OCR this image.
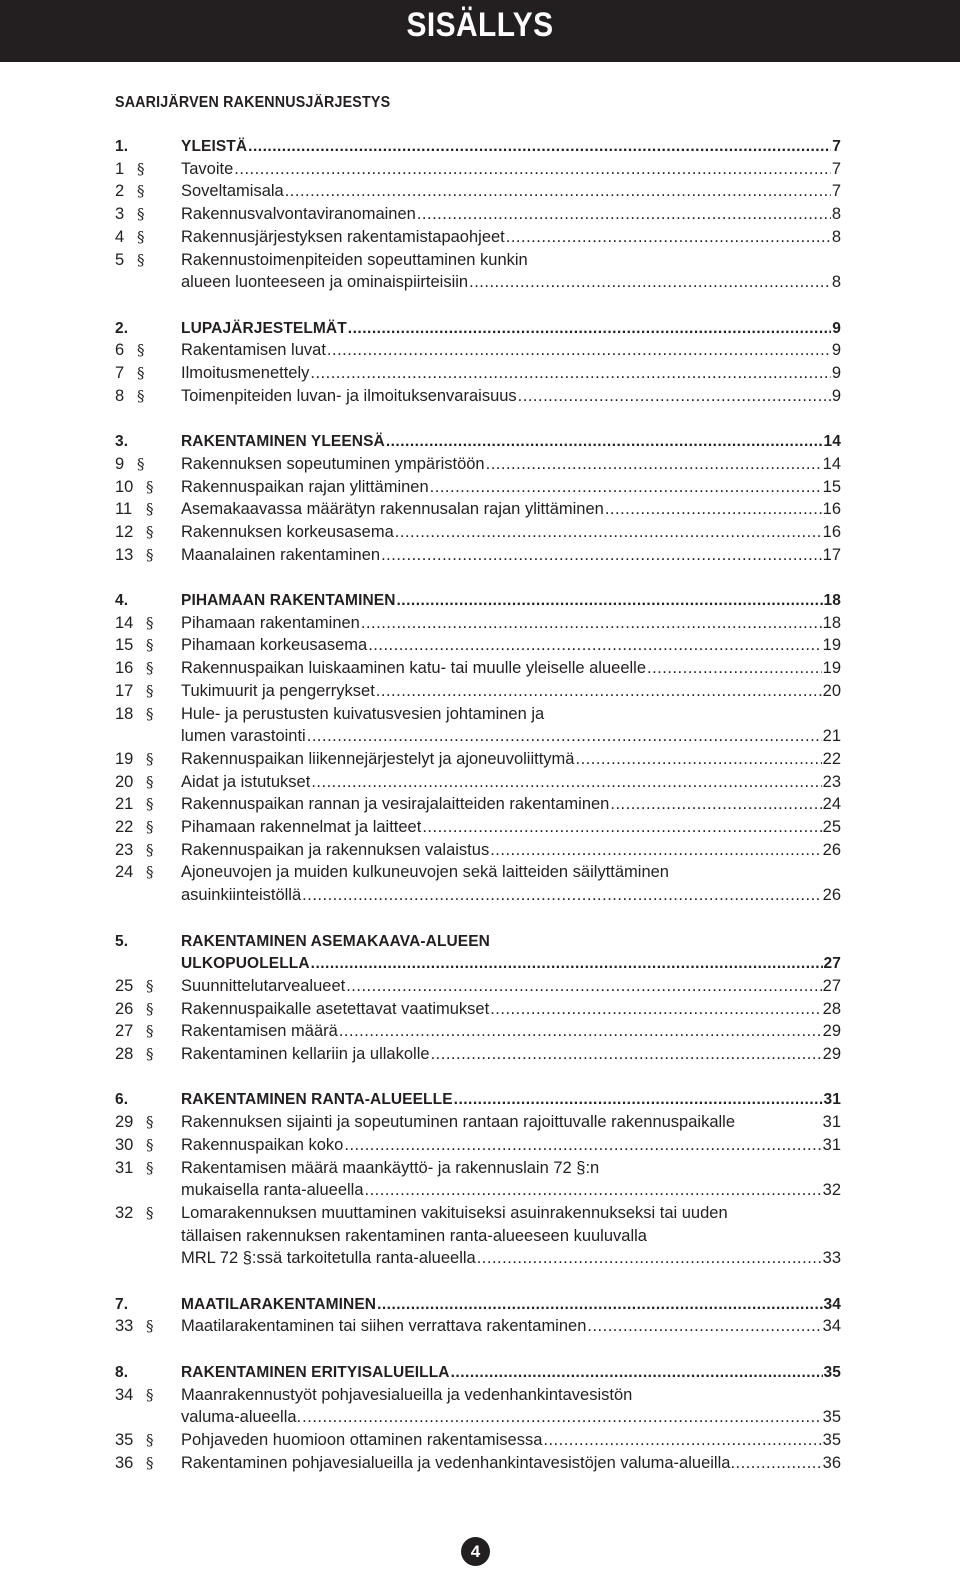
SISÄLLYS
SAARIJÄRVEN RAKENNUSJÄRJESTYS
1.	YLEISTÄ .....	7
1 § Tavoite .....	7
2 § Soveltamisala .....	7
3 § Rakennusvalvontaviranomainen .....	8
4 § Rakennusjärjestyksen rakentamistapaohjeet .....	8
5 § Rakennustoimenpiteiden sopeuttaminen kunkin
alueen luonteeseen ja ominaispiirteisiin .....	8
2.	LUPAJÄRJESTELMÄT .....	9
6 § Rakentamisen luvat .....	9
7 § Ilmoitusmenettely .....	9
8 § Toimenpiteiden luvan- ja ilmoituksenvaraisuus .....	9
3.	RAKENTAMINEN YLEENSÄ .....	14
9 § Rakennuksen sopeutuminen ympäristöön .....	14
10 § Rakennuspaikan rajan ylittäminen .....	15
11 § Asemakaavassa määrätyn rakennusalan rajan ylittäminen .....	16
12 § Rakennuksen korkeusasema .....	16
13 § Maanalainen rakentaminen .....	17
4.	PIHAMAAN RAKENTAMINEN .....	18
14 § Pihamaan rakentaminen .....	18
15 § Pihamaan korkeusasema .....	19
16 § Rakennuspaikan luiskaaminen katu- tai muulle yleiselle alueelle .....	19
17 § Tukimuurit ja pengerrykset .....	20
18 § Hule- ja perustusten kuivatusvesien johtaminen ja
lumen varastointi .....	21
19 § Rakennuspaikan liikennejärjestelyt ja ajoneuvoliittymä .....	22
20 § Aidat ja istutukset .....	23
21 § Rakennuspaikan rannan ja vesirajalaitteiden rakentaminen .....	24
22 § Pihamaan rakennelmat ja laitteet .....	25
23 § Rakennuspaikan ja rakennuksen valaistus .....	26
24 § Ajoneuvojen ja muiden kulkuneuvojen sekä laitteiden säilyttäminen
asuinkiinteistöllä .....	26
5.	RAKENTAMINEN ASEMAKAAVA-ALUEEN
ULKOPUOLELLA .....	27
25 § Suunnittelutarvealueet .....	27
26 § Rakennuspaikalle asetettavat vaatimukset .....	28
27 § Rakentamisen määrä .....	29
28 § Rakentaminen kellariin ja ullakolle .....	29
6.	RAKENTAMINEN RANTA-ALUEELLE .....	31
29 § Rakennuksen sijainti ja sopeutuminen rantaan rajoittuvalle rakennuspaikalle	31
30 § Rakennuspaikan koko .....	31
31 § Rakentamisen määrä maankäyttö- ja rakennuslain 72 §:n
mukaisella ranta-alueella .....	32
32 § Lomarakennuksen muuttaminen vakituiseksi asuinrakennukseksi tai uuden
tällaisen rakennuksen rakentaminen ranta-alueeseen kuuluvalla
MRL 72 §:ssä tarkoitetulla ranta-alueella .....	33
7.	MAATILARAKENTAMINEN .....	34
33 § Maatilarakentaminen tai siihen verrattava rakentaminen .....	34
8.	RAKENTAMINEN ERITYISALUEILLA .....	35
34 § Maanrakennustyöt pohjavesialueilla ja vedenhankintavesistön
valuma-alueella. .....	35
35 § Pohjaveden huomioon ottaminen rakentamisessa .....	35
36 § Rakentaminen pohjavesialueilla ja vedenhankintavesistöjen valuma-alueilla .....	36
4
